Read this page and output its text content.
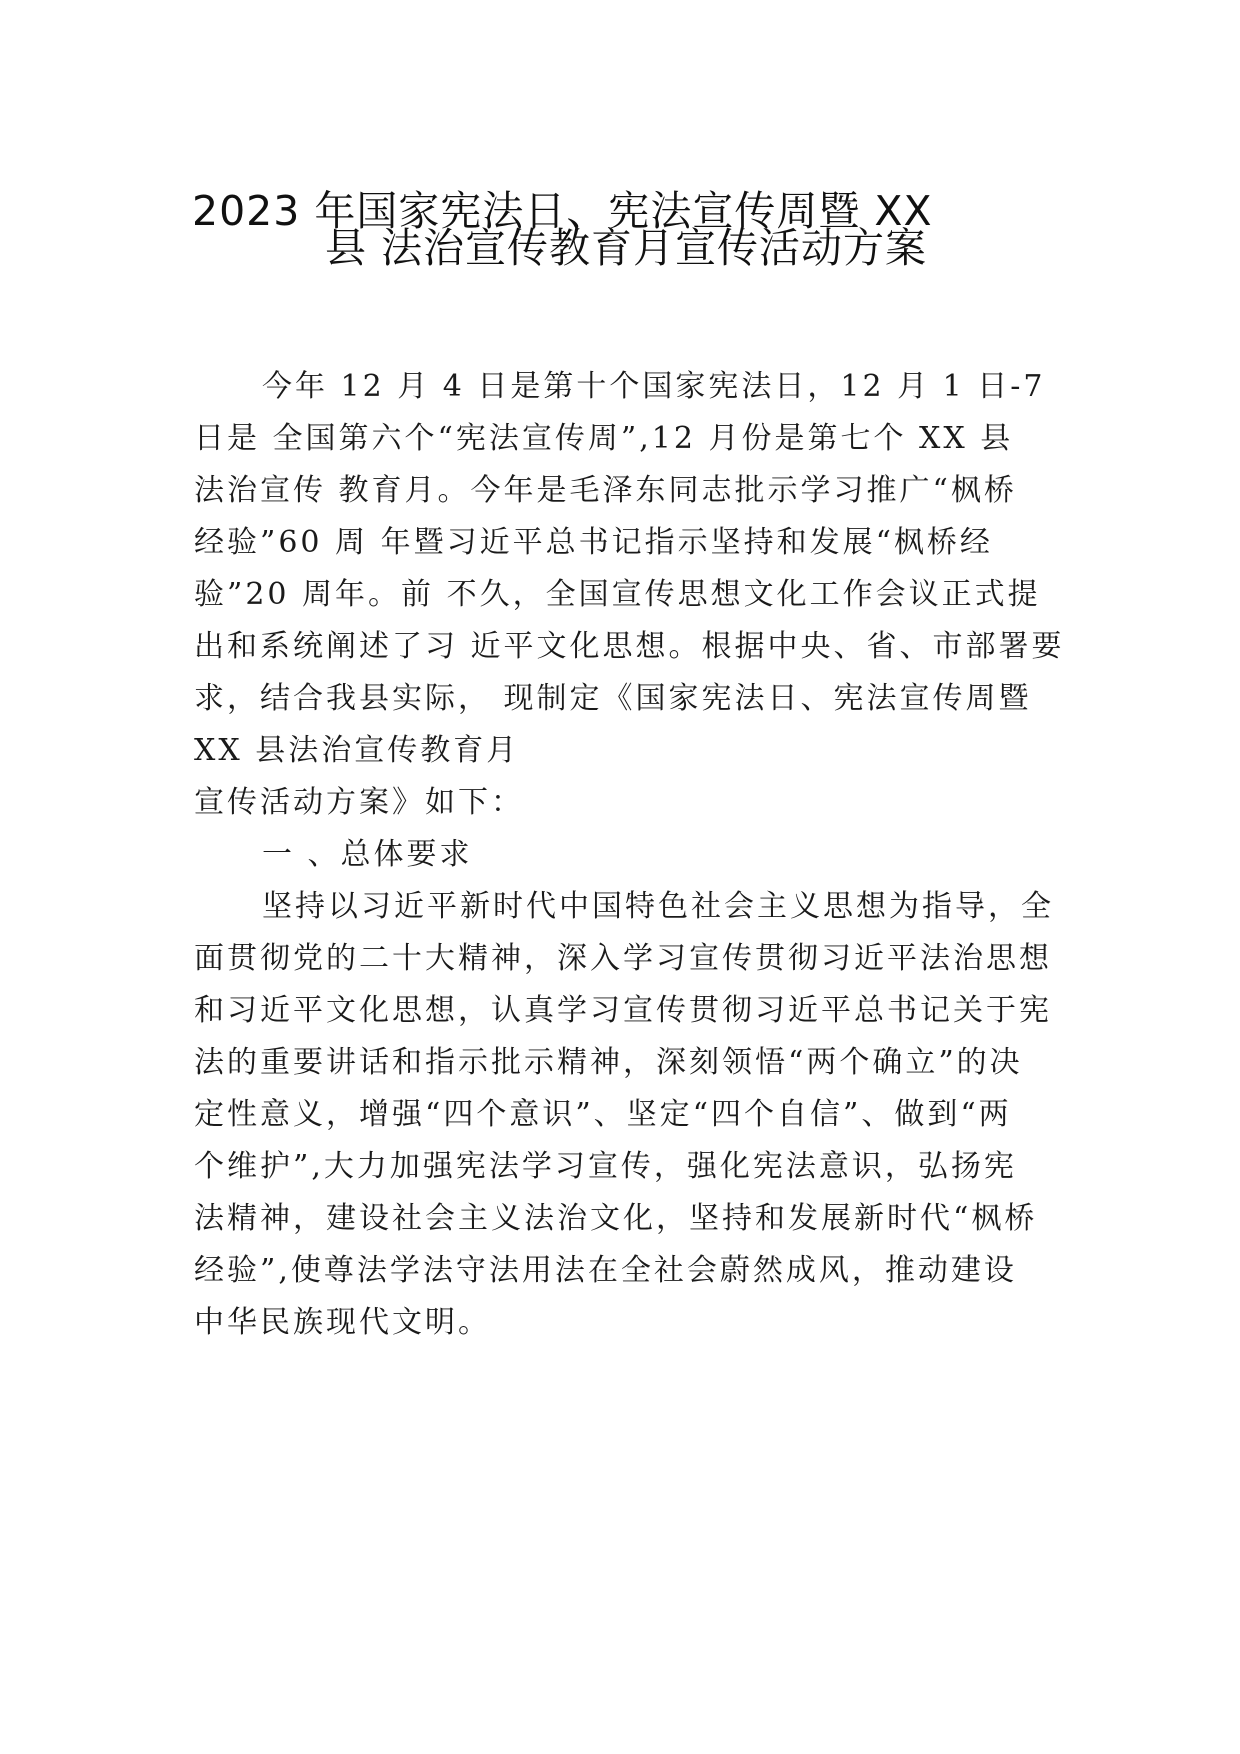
2023 年国家宪法日、宪法宣传周暨 XX
县 法治宣传教育月宣传活动方案
今年 12 月 4 日是第十个国家宪法日，12 月 1 日-7
日是 全国第六个“宪法宣传周”,12 月份是第七个 XX 县
法治宣传 教育月。今年是毛泽东同志批示学习推广“枫桥
经验”60 周 年暨习近平总书记指示坚持和发展“枫桥经
验”20 周年。前 不久，全国宣传思想文化工作会议正式提
出和系统阐述了习 近平文化思想。根据中央、省、市部署要
求，结合我县实际， 现制定《国家宪法日、宪法宣传周暨
XX 县法治宣传教育月
宣传活动方案》如下：
一 、总体要求
坚持以习近平新时代中国特色社会主义思想为指导，全
面贯彻党的二十大精神，深入学习宣传贯彻习近平法治思想
和习近平文化思想，认真学习宣传贯彻习近平总书记关于宪
法的重要讲话和指示批示精神，深刻领悟“两个确立”的决
定性意义，增强“四个意识”、坚定“四个自信”、做到“两
个维护”,大力加强宪法学习宣传，强化宪法意识，弘扬宪
法精神，建设社会主义法治文化，坚持和发展新时代“枫桥
经验”,使尊法学法守法用法在全社会蔚然成风，推动建设
中华民族现代文明。
